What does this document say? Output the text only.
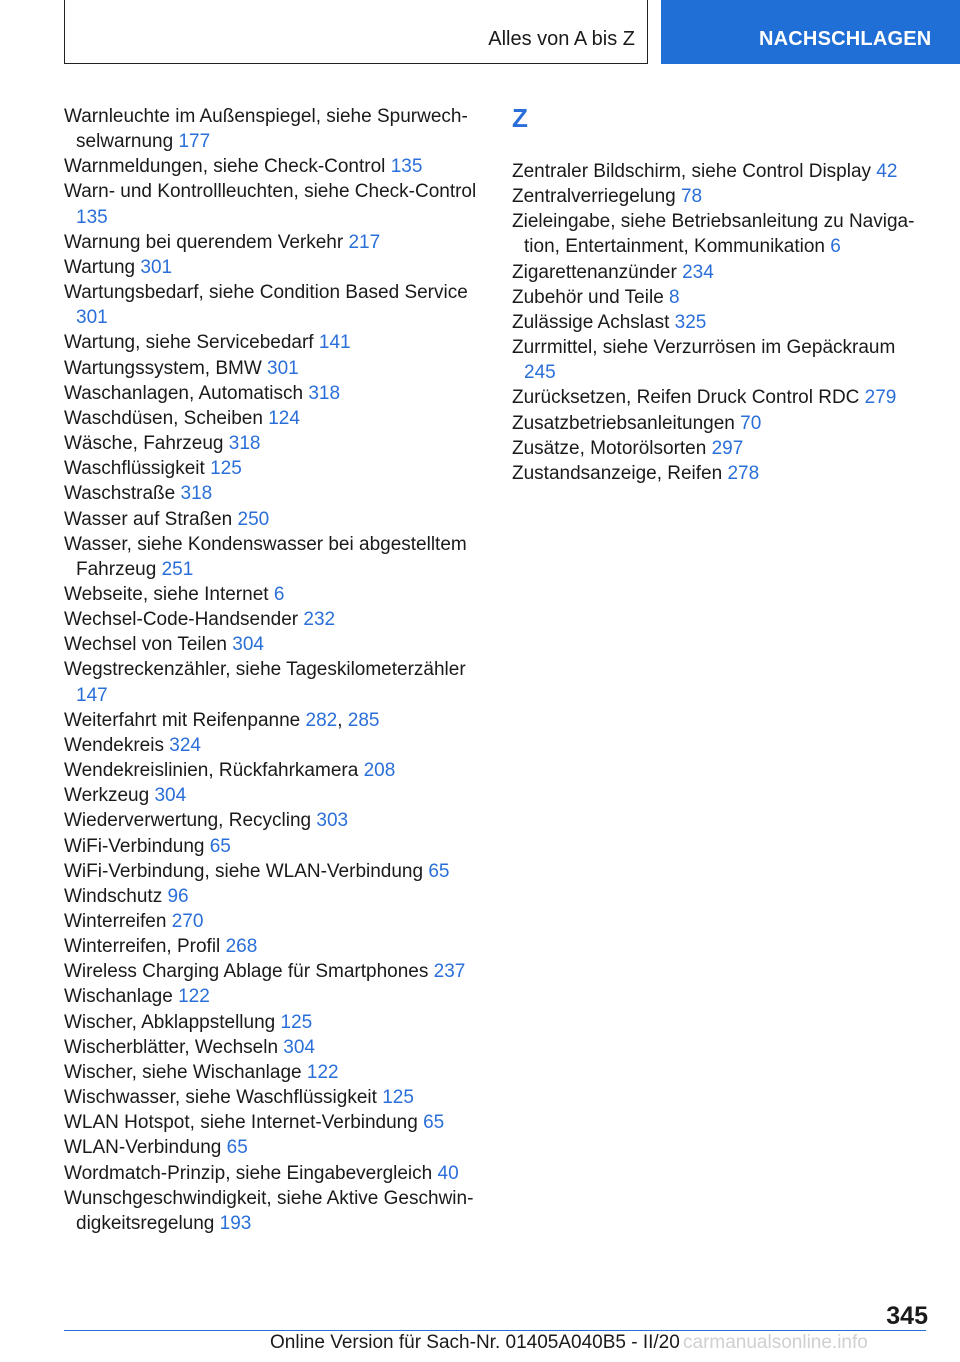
Alles von A bis Z	NACHSCHLAGEN
Warnleuchte im Außenspiegel, siehe Spurwechselwarnung 177
Warnmeldungen, siehe Check-Control 135
Warn- und Kontrollleuchten, siehe Check-Control 135
Warnung bei querendem Verkehr 217
Wartung 301
Wartungsbedarf, siehe Condition Based Service 301
Wartung, siehe Servicebedarf 141
Wartungssystem, BMW 301
Waschanlagen, Automatisch 318
Waschdüsen, Scheiben 124
Wäsche, Fahrzeug 318
Waschflüssigkeit 125
Waschstraße 318
Wasser auf Straßen 250
Wasser, siehe Kondenswasser bei abgestelltem Fahrzeug 251
Webseite, siehe Internet 6
Wechsel-Code-Handsender 232
Wechsel von Teilen 304
Wegstreckenzähler, siehe Tageskilometerzähler 147
Weiterfahrt mit Reifenpanne 282, 285
Wendekreis 324
Wendekreislinien, Rückfahrkamera 208
Werkzeug 304
Wiederverwertung, Recycling 303
WiFi-Verbindung 65
WiFi-Verbindung, siehe WLAN-Verbindung 65
Windschutz 96
Winterreifen 270
Winterreifen, Profil 268
Wireless Charging Ablage für Smartphones 237
Wischanlage 122
Wischer, Abklappstellung 125
Wischerblätter, Wechseln 304
Wischer, siehe Wischanlage 122
Wischwasser, siehe Waschflüssigkeit 125
WLAN Hotspot, siehe Internet-Verbindung 65
WLAN-Verbindung 65
Wordmatch-Prinzip, siehe Eingabevergleich 40
Wunschgeschwindigkeit, siehe Aktive Geschwindigkeitsregelung 193
Z
Zentraler Bildschirm, siehe Control Display 42
Zentralverriegelung 78
Zieleingabe, siehe Betriebsanleitung zu Navigation, Entertainment, Kommunikation 6
Zigarettenanzünder 234
Zubehör und Teile 8
Zulässige Achslast 325
Zurrmittel, siehe Verzurrösen im Gepäckraum 245
Zurücksetzen, Reifen Druck Control RDC 279
Zusatzbetriebsanleitungen 70
Zusätze, Motorölsorten 297
Zustandsanzeige, Reifen 278
345
Online Version für Sach-Nr. 01405A040B5 - II/20 carmanualsonline.info
